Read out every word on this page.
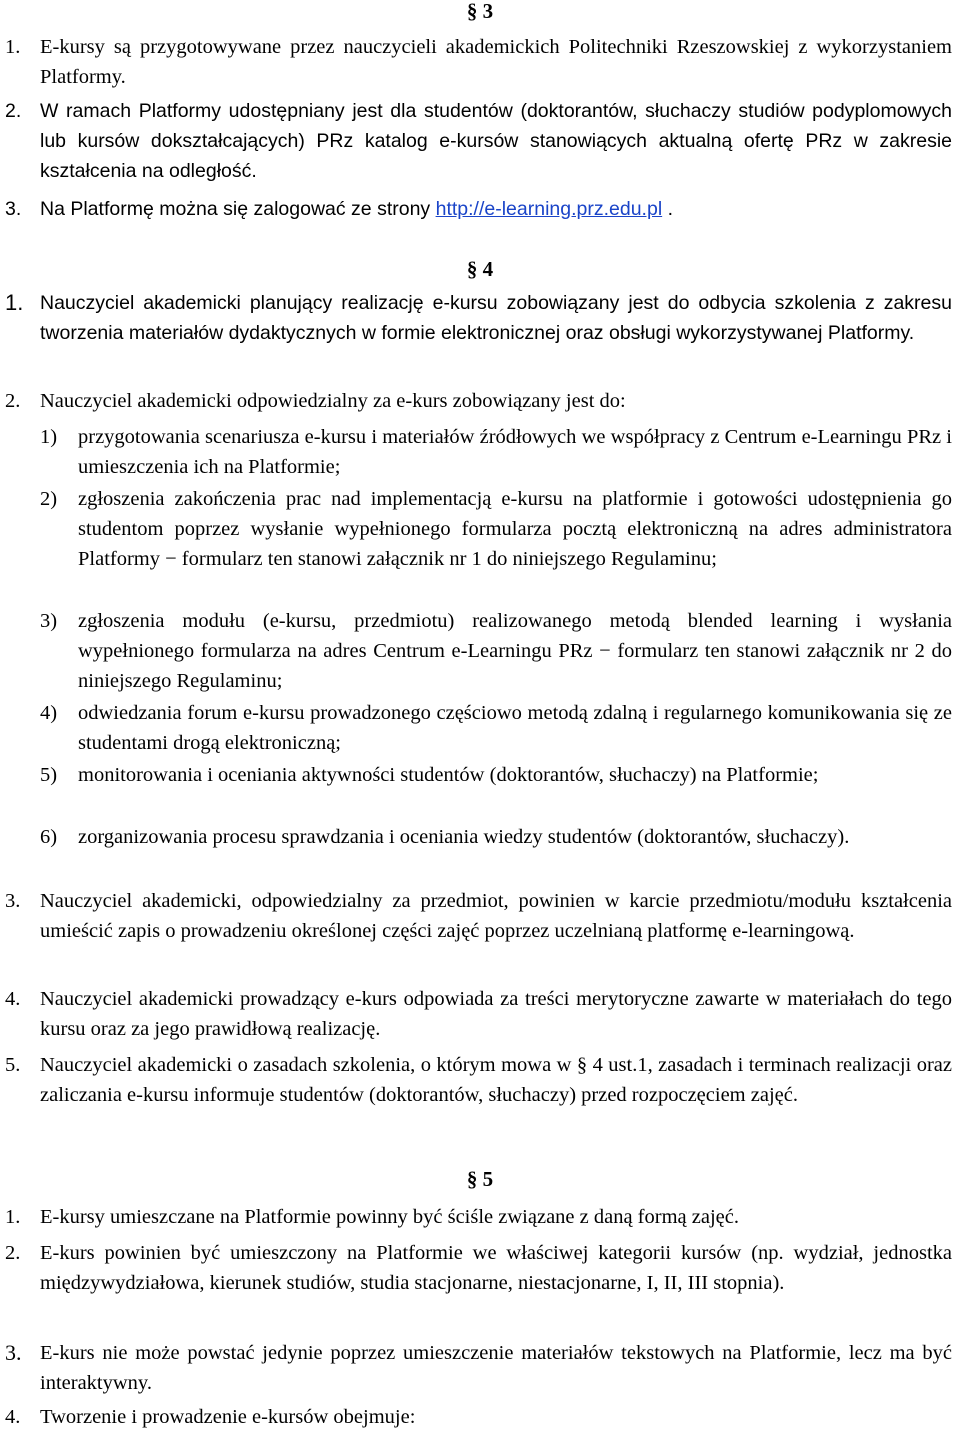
§ 3
1. E-kursy są przygotowywane przez nauczycieli akademickich Politechniki Rzeszowskiej z wykorzystaniem Platformy.
2. W ramach Platformy udostępniany jest dla studentów (doktorantów, słuchaczy studiów podyplomowych lub kursów dokształcających) PRz katalog e-kursów stanowiących aktualną ofertę PRz w zakresie kształcenia na odległość.
3. Na Platformę można się zalogować ze strony http://e-learning.prz.edu.pl .
§ 4
1. Nauczyciel akademicki planujący realizację e-kursu zobowiązany jest do odbycia szkolenia z zakresu tworzenia materiałów dydaktycznych w formie elektronicznej oraz obsługi wykorzystywanej Platformy.
2. Nauczyciel akademicki odpowiedzialny za e-kurs zobowiązany jest do:
1) przygotowania scenariusza e-kursu i materiałów źródłowych we współpracy z Centrum e-Learningu PRz i umieszczenia ich na Platformie;
2) zgłoszenia zakończenia prac nad implementacją e-kursu na platformie i gotowości udostępnienia go studentom poprzez wysłanie wypełnionego formularza pocztą elektroniczną na adres administratora Platformy − formularz ten stanowi załącznik nr 1 do niniejszego Regulaminu;
3) zgłoszenia modułu (e-kursu, przedmiotu) realizowanego metodą blended learning i wysłania wypełnionego formularza na adres Centrum e-Learningu PRz − formularz ten stanowi załącznik nr 2 do niniejszego Regulaminu;
4) odwiedzania forum e-kursu prowadzonego częściowo metodą zdalną i regularnego komunikowania się ze studentami drogą elektroniczną;
5) monitorowania i oceniania aktywności studentów (doktorantów, słuchaczy) na Platformie;
6) zorganizowania procesu sprawdzania i oceniania wiedzy studentów (doktorantów, słuchaczy).
3. Nauczyciel akademicki, odpowiedzialny za przedmiot, powinien w karcie przedmiotu/modułu kształcenia umieścić zapis o prowadzeniu określonej części zajęć poprzez uczelnianą platformę e-learningową.
4. Nauczyciel akademicki prowadzący e-kurs odpowiada za treści merytoryczne zawarte w materiałach do tego kursu oraz za jego prawidłową realizację.
5. Nauczyciel akademicki o zasadach szkolenia, o którym mowa w § 4 ust.1, zasadach i terminach realizacji oraz zaliczania e-kursu informuje studentów (doktorantów, słuchaczy) przed rozpoczęciem zajęć.
§ 5
1. E-kursy umieszczane na Platformie powinny być ściśle związane z daną formą zajęć.
2. E-kurs powinien być umieszczony na Platformie we właściwej kategorii kursów (np. wydział, jednostka międzywydziałowa, kierunek studiów, studia stacjonarne, niestacjonarne, I, II, III stopnia).
3. E-kurs nie może powstać jedynie poprzez umieszczenie materiałów tekstowych na Platformie, lecz ma być interaktywny.
4. Tworzenie i prowadzenie e-kursów obejmuje:
